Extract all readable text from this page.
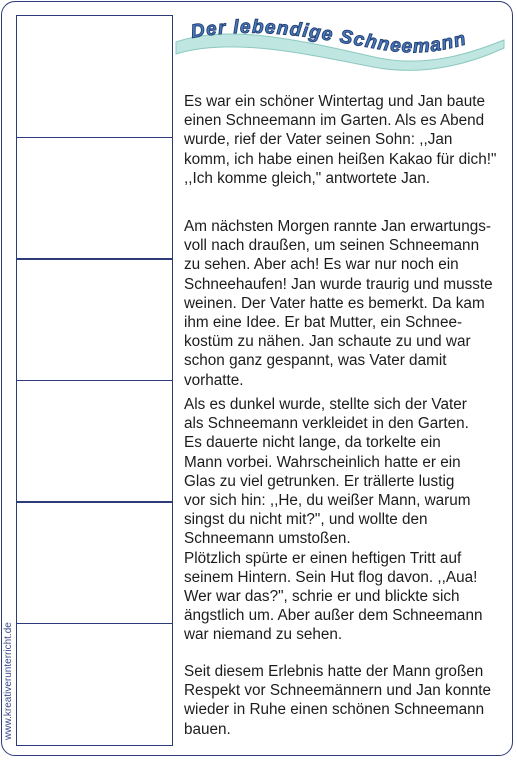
Der lebendige Schneemann

Es war ein schöner Wintertag und Jan baute
einen Schneemann im Garten. Als es Abend
wurde, rief der Vater seinen Sohn: ,,Jan
komm, ich habe einen heißen Kakao für dich!"
,,Ich komme gleich," antwortete Jan.

Am nächsten Morgen rannte Jan erwartungs-
voll nach draußen, um seinen Schneemann
zu sehen. Aber ach! Es war nur noch ein
Schneehaufen! Jan wurde traurig und musste
weinen. Der Vater hatte es bemerkt. Da kam
ihm eine Idee. Er bat Mutter, ein Schnee-
kostüm zu nähen. Jan schaute zu und war
schon ganz gespannt, was Vater damit
vorhatte.

Als es dunkel wurde, stellte sich der Vater
als Schneemann verkleidet in den Garten.
Es dauerte nicht lange, da torkelte ein
Mann vorbei. Wahrscheinlich hatte er ein
Glas zu viel getrunken. Er trällerte lustig
vor sich hin: ,,He, du weißer Mann, warum
singst du nicht mit?", und wollte den
Schneemann umstoßen.
Plötzlich spürte er einen heftigen Tritt auf
seinem Hintern. Sein Hut flog davon. ,,Aua!
Wer war das?", schrie er und blickte sich
ängstlich um. Aber außer dem Schneemann
war niemand zu sehen.

Seit diesem Erlebnis hatte der Mann großen
Respekt vor Schneemännern und Jan konnte
wieder in Ruhe einen schönen Schneemann
bauen.

www.kreativerunterricht.de
